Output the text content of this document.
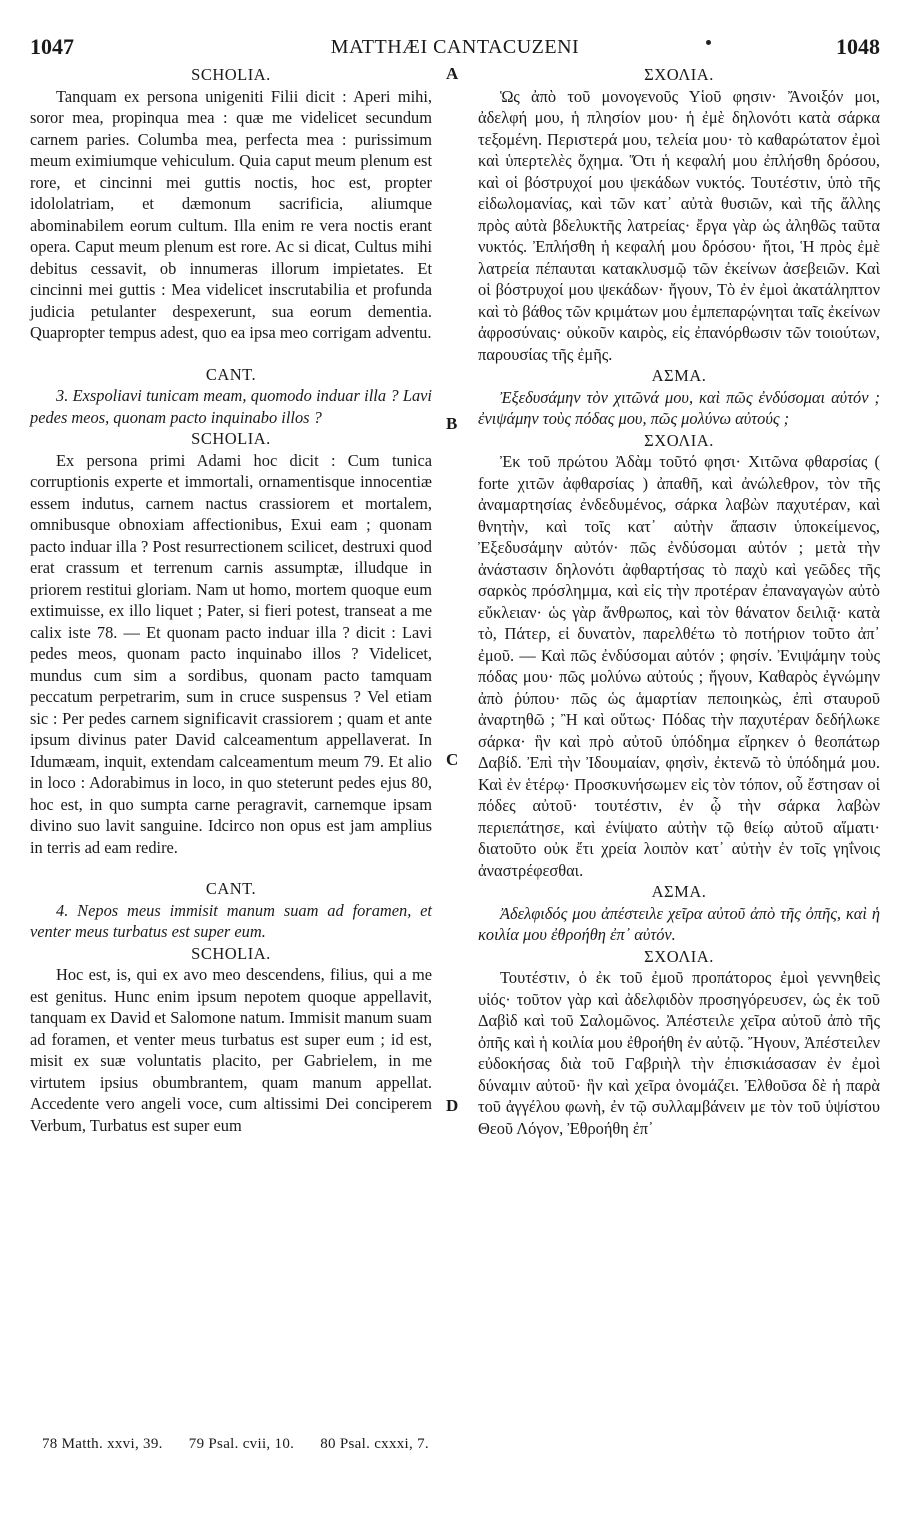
1047	MATTHÆI CANTACUZENI	1048

SCHOLIA.

Tanquam ex persona unigeniti Filii dicit : Aperi mihi, soror mea, propinqua mea : quæ me videlicet secundum carnem paries. Columba mea, perfecta mea : purissimum meum eximiumque vehiculum. Quia caput meum plenum est rore, et cincinni mei guttis noctis, hoc est, propter idololatriam, et dæmonum sacrificia, aliumque abominabilem eorum cultum. Illa enim re vera noctis erant opera. Caput meum plenum est rore. Ac si dicat, Cultus mihi debitus cessavit, ob innumeras illorum impietates. Et cincinni mei guttis : Mea videlicet inscrutabilia et profunda judicia petulanter despexerunt, sua eorum dementia. Quapropter tempus adest, quo ea ipsa meo corrigam adventu.

CANT.

3. Exspoliavi tunicam meam, quomodo induar illa ? Lavi pedes meos, quonam pacto inquinabo illos ?

SCHOLIA.

Ex persona primi Adami hoc dicit : Cum tunica corruptionis experte et immortali, ornamentisque innocentiæ essem indutus, carnem nactus crassiorem et mortalem, omnibusque obnoxiam affectionibus, Exui eam ; quonam pacto induar illa ? Post resurrectionem scilicet, destruxi quod erat crassum et terrenum carnis assumptæ, illudque in priorem restitui gloriam. Nam ut homo, mortem quoque eum extimuisse, ex illo liquet ; Pater, si fieri potest, transeat a me calix iste 78. — Et quonam pacto induar illa ? dicit : Lavi pedes meos, quonam pacto inquinabo illos ? Videlicet, mundus cum sim a sordibus, quonam pacto tamquam peccatum perpetrarim, sum in cruce suspensus ? Vel etiam sic : Per pedes carnem significavit crassiorem ; quam et ante ipsum divinus pater David calceamentum appellaverat. In Idumæam, inquit, extendam calceamentum meum 79. Et alio in loco : Adorabimus in loco, in quo steterunt pedes ejus 80, hoc est, in quo sumpta carne peragravit, carnemque ipsam divino suo lavit sanguine. Idcirco non opus est jam amplius in terris ad eam redire.

CANT.

4. Nepos meus immisit manum suam ad foramen, et venter meus turbatus est super eum.

SCHOLIA.

Hoc est, is, qui ex avo meo descendens, filius, qui a me est genitus. Hunc enim ipsum nepotem quoque appellavit, tanquam ex David et Salomone natum. Immisit manum suam ad foramen, et venter meus turbatus est super eum ; id est, misit ex suæ voluntatis placito, per Gabrielem, in me virtutem ipsius obumbrantem, quam manum appellat. Accedente vero angeli voce, cum altissimi Dei conciperem Verbum, Turbatus est super eum

A
B
C
D

ΣΧΟΛΙΑ.

Ὡς ἀπὸ τοῦ μονογενοῦς Υἱοῦ φησιν· Ἄνοιξόν μοι, ἀδελφή μου, ἡ πλησίον μου· ἡ ἐμὲ δηλονότι κατὰ σάρκα τεξομένη. Περιστερά μου, τελεία μου· τὸ καθαρώτατον ἐμοὶ καὶ ὑπερτελὲς ὄχημα. Ὅτι ἡ κεφαλή μου ἐπλήσθη δρόσου, καὶ οἱ βόστρυχοί μου ψεκάδων νυκτός. Τουτέστιν, ὑπὸ τῆς εἰδωλομανίας, καὶ τῶν κατ᾽ αὐτὰ θυσιῶν, καὶ τῆς ἄλλης πρὸς αὐτὰ βδελυκτῆς λατρείας· ἔργα γὰρ ὡς ἀληθῶς ταῦτα νυκτός. Ἐπλήσθη ἡ κεφαλή μου δρόσου· ἤτοι, Ἡ πρὸς ἐμὲ λατρεία πέπαυται κατακλυσμῷ τῶν ἐκείνων ἀσεβειῶν. Καὶ οἱ βόστρυχοί μου ψεκάδων· ἤγουν, Τὸ ἐν ἐμοὶ ἀκατάληπτον καὶ τὸ βάθος τῶν κριμάτων μου ἐμπεπαρῴνηται ταῖς ἐκείνων ἀφροσύναις· οὐκοῦν καιρὸς, εἰς ἐπανόρθωσιν τῶν τοιούτων, παρουσίας τῆς ἐμῆς.

ΑΣΜΑ.

Ἐξεδυσάμην τὸν χιτῶνά μου, καὶ πῶς ἐνδύσομαι αὐτόν ; ἐνιψάμην τοὺς πόδας μου, πῶς μολύνω αὐτούς ;

ΣΧΟΛΙΑ.

Ἐκ τοῦ πρώτου Ἀδὰμ τοῦτό φησι· Χιτῶνα φθαρσίας ( forte χιτῶν ἀφθαρσίας ) ἀπαθῆ, καὶ ἀνώλεθρον, τὸν τῆς ἀναμαρτησίας ἐνδεδυμένος, σάρκα λαβὼν παχυτέραν, καὶ θνητὴν, καὶ τοῖς κατ᾽ αὐτὴν ἅπασιν ὑποκείμενος, Ἐξεδυσάμην αὐτόν· πῶς ἐνδύσομαι αὐτόν ; μετὰ τὴν ἀνάστασιν δηλονότι ἀφθαρτήσας τὸ παχὺ καὶ γεῶδες τῆς σαρκὸς πρόσλημμα, καὶ εἰς τὴν προτέραν ἐπαναγαγὼν αὐτὸ εὔκλειαν· ὡς γὰρ ἄνθρωπος, καὶ τὸν θάνατον δειλιᾷ· κατὰ τὸ, Πάτερ, εἰ δυνατὸν, παρελθέτω τὸ ποτήριον τοῦτο ἀπ᾽ ἐμοῦ. — Καὶ πῶς ἐνδύσομαι αὐτόν ; φησίν. Ἐνιψάμην τοὺς πόδας μου· πῶς μολύνω αὐτούς ; ἤγουν, Καθαρὸς ἐγνώμην ἀπὸ ῥύπου· πῶς ὡς ἁμαρτίαν πεποιηκὼς, ἐπὶ σταυροῦ ἀναρτηθῶ ; Ἢ καὶ οὕτως· Πόδας τὴν παχυτέραν δεδήλωκε σάρκα· ἣν καὶ πρὸ αὐτοῦ ὑπόδημα εἴρηκεν ὁ θεοπάτωρ Δαβίδ. Ἐπὶ τὴν Ἰδουμαίαν, φησὶν, ἐκτενῶ τὸ ὑπόδημά μου. Καὶ ἐν ἑτέρῳ· Προσκυνήσωμεν εἰς τὸν τόπον, οὗ ἔστησαν οἱ πόδες αὐτοῦ· τουτέστιν, ἐν ᾧ τὴν σάρκα λαβὼν περιεπάτησε, καὶ ἐνίψατο αὐτὴν τῷ θείῳ αὐτοῦ αἵματι· διατοῦτο οὐκ ἔτι χρεία λοιπὸν κατ᾽ αὐτὴν ἐν τοῖς γηΐνοις ἀναστρέφεσθαι.

ΑΣΜΑ.

Ἀδελφιδός μου ἀπέστειλε χεῖρα αὐτοῦ ἀπὸ τῆς ὀπῆς, καὶ ἡ κοιλία μου ἐθροήθη ἐπ᾽ αὐτόν.

ΣΧΟΛΙΑ.

Τουτέστιν, ὁ ἐκ τοῦ ἐμοῦ προπάτορος ἐμοὶ γεννηθεὶς υἱός· τοῦτον γὰρ καὶ ἀδελφιδὸν προσηγόρευσεν, ὡς ἐκ τοῦ Δαβὶδ καὶ τοῦ Σαλομῶνος. Ἀπέστειλε χεῖρα αὐτοῦ ἀπὸ τῆς ὀπῆς καὶ ἡ κοιλία μου ἐθροήθη ἐν αὐτῷ. Ἤγουν, Ἀπέστειλεν εὐδοκήσας διὰ τοῦ Γαβριὴλ τὴν ἐπισκιάσασαν ἐν ἐμοὶ δύναμιν αὐτοῦ· ἣν καὶ χεῖρα ὀνομάζει. Ἐλθοῦσα δὲ ἡ παρὰ τοῦ ἀγγέλου φωνὴ, ἐν τῷ συλλαμβάνειν με τὸν τοῦ ὑψίστου Θεοῦ Λόγον, Ἐθροήθη ἐπ᾽

78 Matth. xxvi, 39. 79 Psal. cvii, 10. 80 Psal. cxxxi, 7.
